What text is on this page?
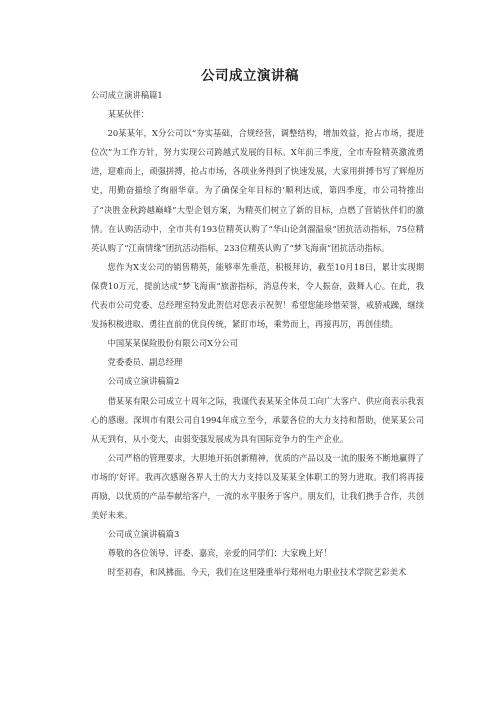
公司成立演讲稿

公司成立演讲稿篇1

某某伙伴：

20某某年，X分公司以“夯实基础，合规经营，调整结构，增加效益，抢占市场，提进位次”为工作方针，努力实现公司跨越式发展的目标。X年前三季度，全市寿险精英激流勇进，迎难而上，顽强拼搏，抢占市场，各项业务得到了快速发展，大家用拼搏书写了辉煌历史，用勤奋描绘了绚丽华章。为了确保全年目标的‘顺利达成，第四季度，市公司特推出了“决胜金秋跨越巅峰”大型企划方案，为精英们树立了新的目标，点燃了营销伙伴们的激情。在认购活动中，全市共有193位精英认购了“华山论剑溜温泉”团抗活动指标，75位精英认购了“江南情缘”团抗活动指标，233位精英认购了“梦飞海南”团抗活动指标。

您作为X支公司的销售精英，能够率先垂范，积极拜访，截至10月18日，累计实现期保费10万元，提前达成“梦飞海南”旅游指标，消息传来，令人振奋，鼓舞人心。在此，我代表市公司党委、总经理室特发此贺信对您表示祝贺！希望您能珍惜荣誉，戒骄戒躁，继续发扬积极进取、勇往直前的优良传统，紧盯市场，乘势而上，再接再厉，再创佳绩。

中国某某保险股份有限公司X分公司

党委委员、副总经理

公司成立演讲稿篇2

借某某有限公司成立十周年之际，我谨代表某某全体员工向广大客户、供应商表示我衷心的感谢。深圳市有限公司自1994年成立至今，承蒙各位的大力支持和帮助，使某某公司从无到有，从小变大，由弱变强发展成为具有国际竞争力的生产企业。

公司严格的管理要求，大胆地开拓创新精神，优质的产品以及一流的服务不断地赢得了市场的’好评。我再次感谢各界人士的大力支持以及某某全体职工的努力进取。我们将再接再励，以优质的产品奉献给客户，一流的水平服务于客户。朋友们，让我们携手合作，共创美好未来。

公司成立演讲稿篇3

尊敬的各位领导、评委、嘉宾，亲爱的同学们：大家晚上好！

时至初春，和风拂面。今天，我们在这里隆重举行郑州电力职业技术学院艺彩美术
